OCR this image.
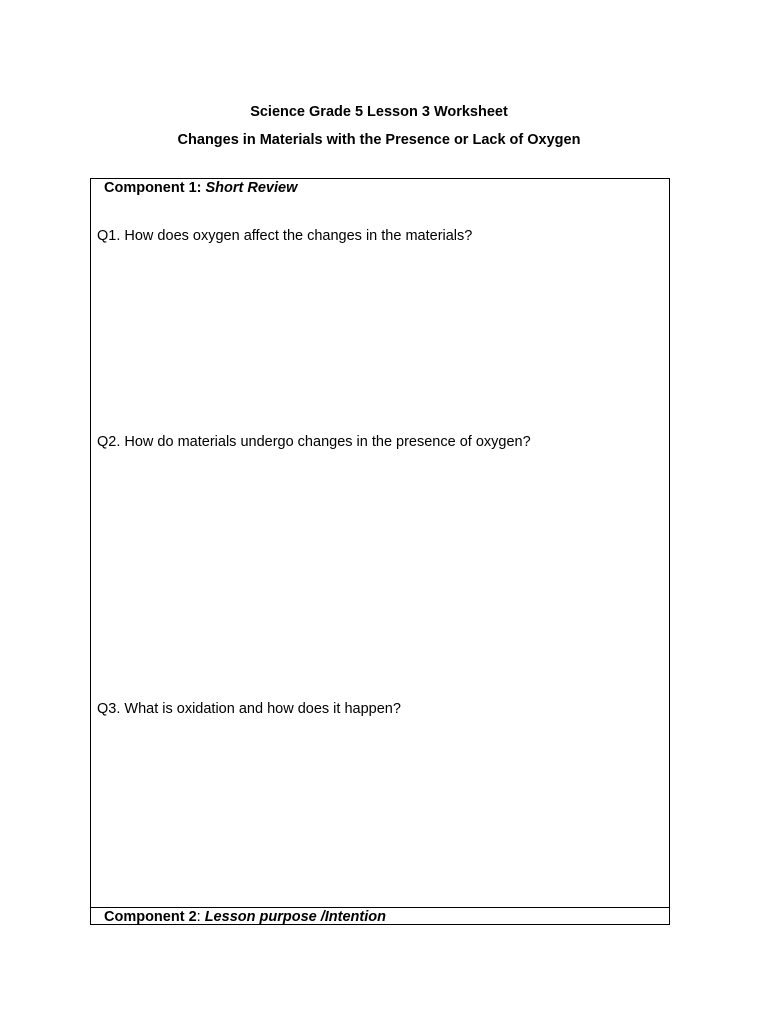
Science Grade 5 Lesson 3 Worksheet
Changes in Materials with the Presence or Lack of Oxygen
Component 1: Short Review
Q1. How does oxygen affect the changes in the materials?
Q2. How do materials undergo changes in the presence of oxygen?
Q3. What is oxidation and how does it happen?
Component 2: Lesson purpose /Intention
